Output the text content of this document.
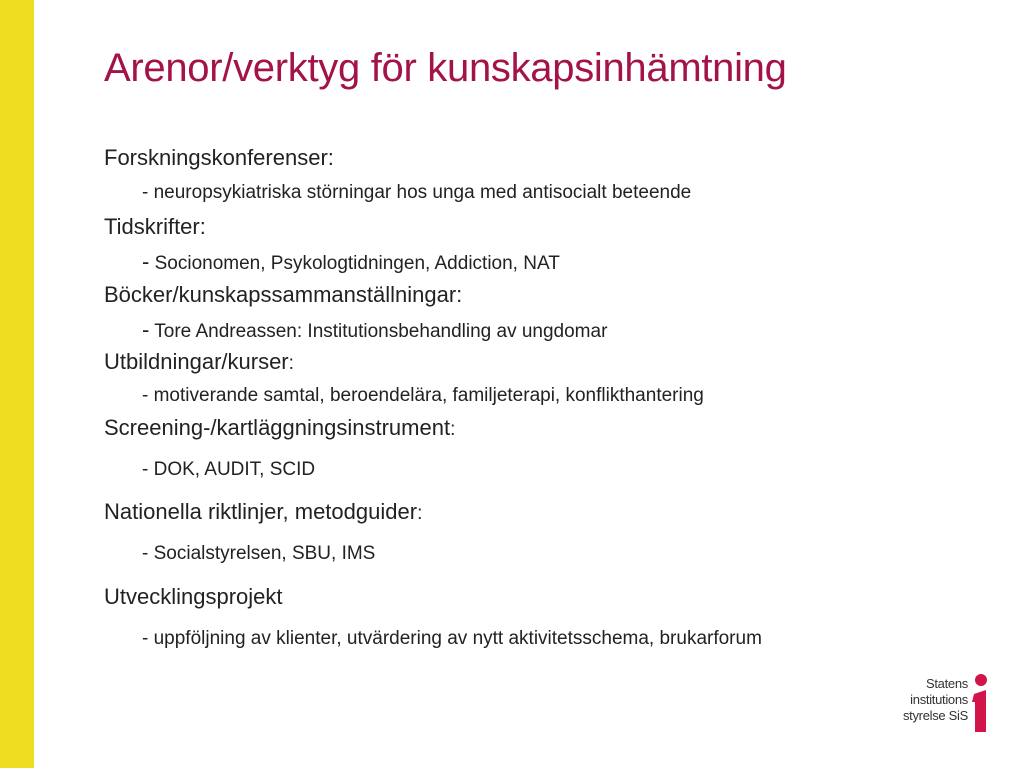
Arenor/verktyg för kunskapsinhämtning
Forskningskonferenser:
- neuropsykiatriska störningar hos unga med antisocialt beteende
Tidskrifter:
- Socionomen, Psykologtidningen, Addiction, NAT
Böcker/kunskapssammanställningar:
- Tore Andreassen: Institutionsbehandling av ungdomar
Utbildningar/kurser:
- motiverande samtal, beroendelära, familjeterapi, konflikthantering
Screening-/kartläggningsinstrument:
- DOK, AUDIT, SCID
Nationella riktlinjer, metodguider:
- Socialstyrelsen, SBU, IMS
Utvecklingsprojekt
- uppföljning av klienter, utvärdering av nytt aktivitetsschema, brukarforum
Statens
institutions
styrelse SiS
